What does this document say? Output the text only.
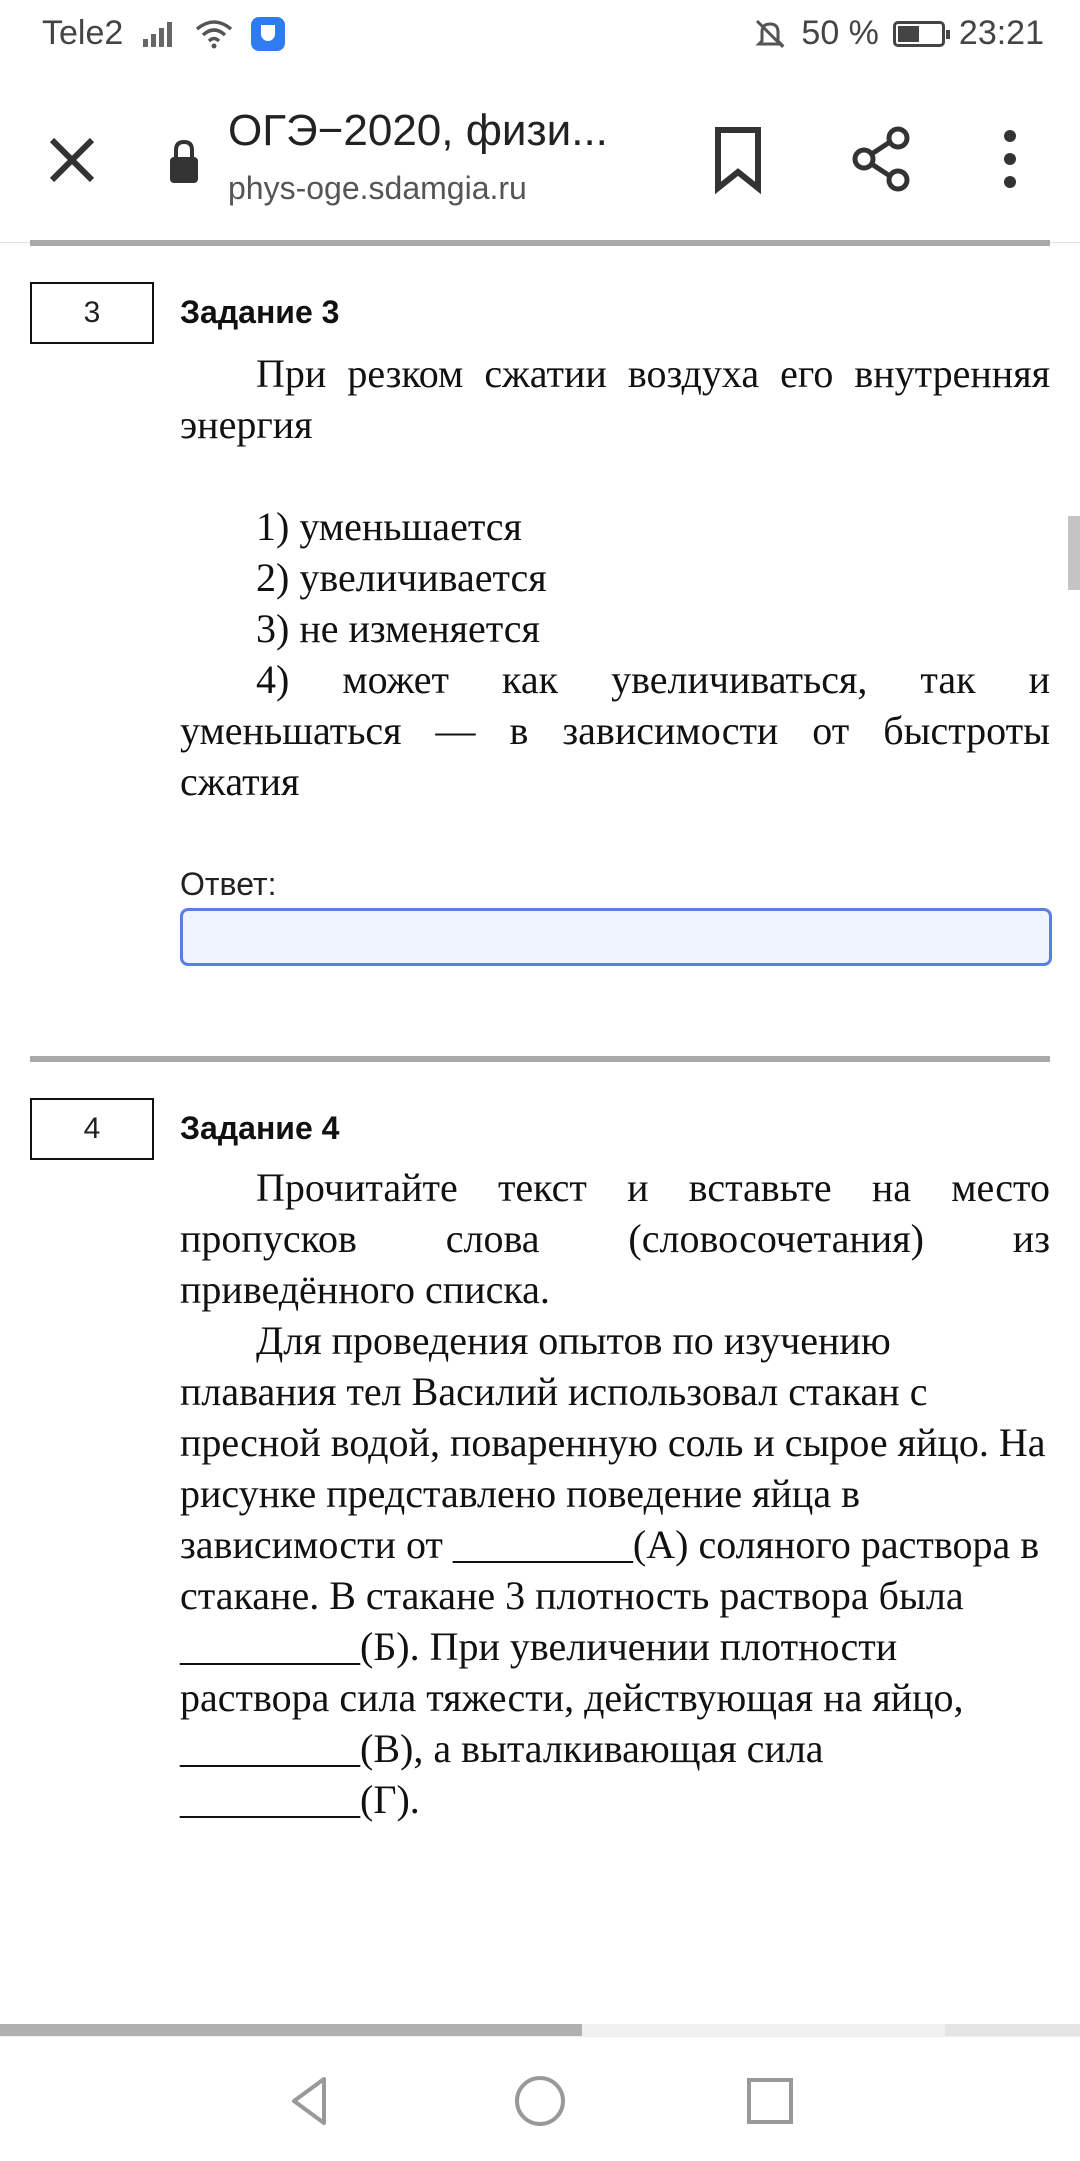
Tele2	50 % 23:21
ОГЭ−2020, физи...
phys-oge.sdamgia.ru
3	Задание 3

При резком сжатии воздуха его внутренняя энергия

1) уменьшается

2) увеличивается

3) не изменяется

4) может как увеличиваться, так и уменьшаться — в зависимости от быстроты сжатия

Ответ:
4	Задание 4

Прочитайте текст и вставьте на место пропусков слова (словосочетания) из приведённого списка.

Для проведения опытов по изучению плавания тел Василий использовал стакан с пресной водой, поваренную соль и сырое яйцо. На рисунке представлено поведение яйца в зависимости от _________(А) соляного раствора в стакане. В стакане 3 плотность раствора была _________(Б). При увеличении плотности раствора сила тяжести, действующая на яйцо, _________(В), а выталкивающая сила _________(Г).
